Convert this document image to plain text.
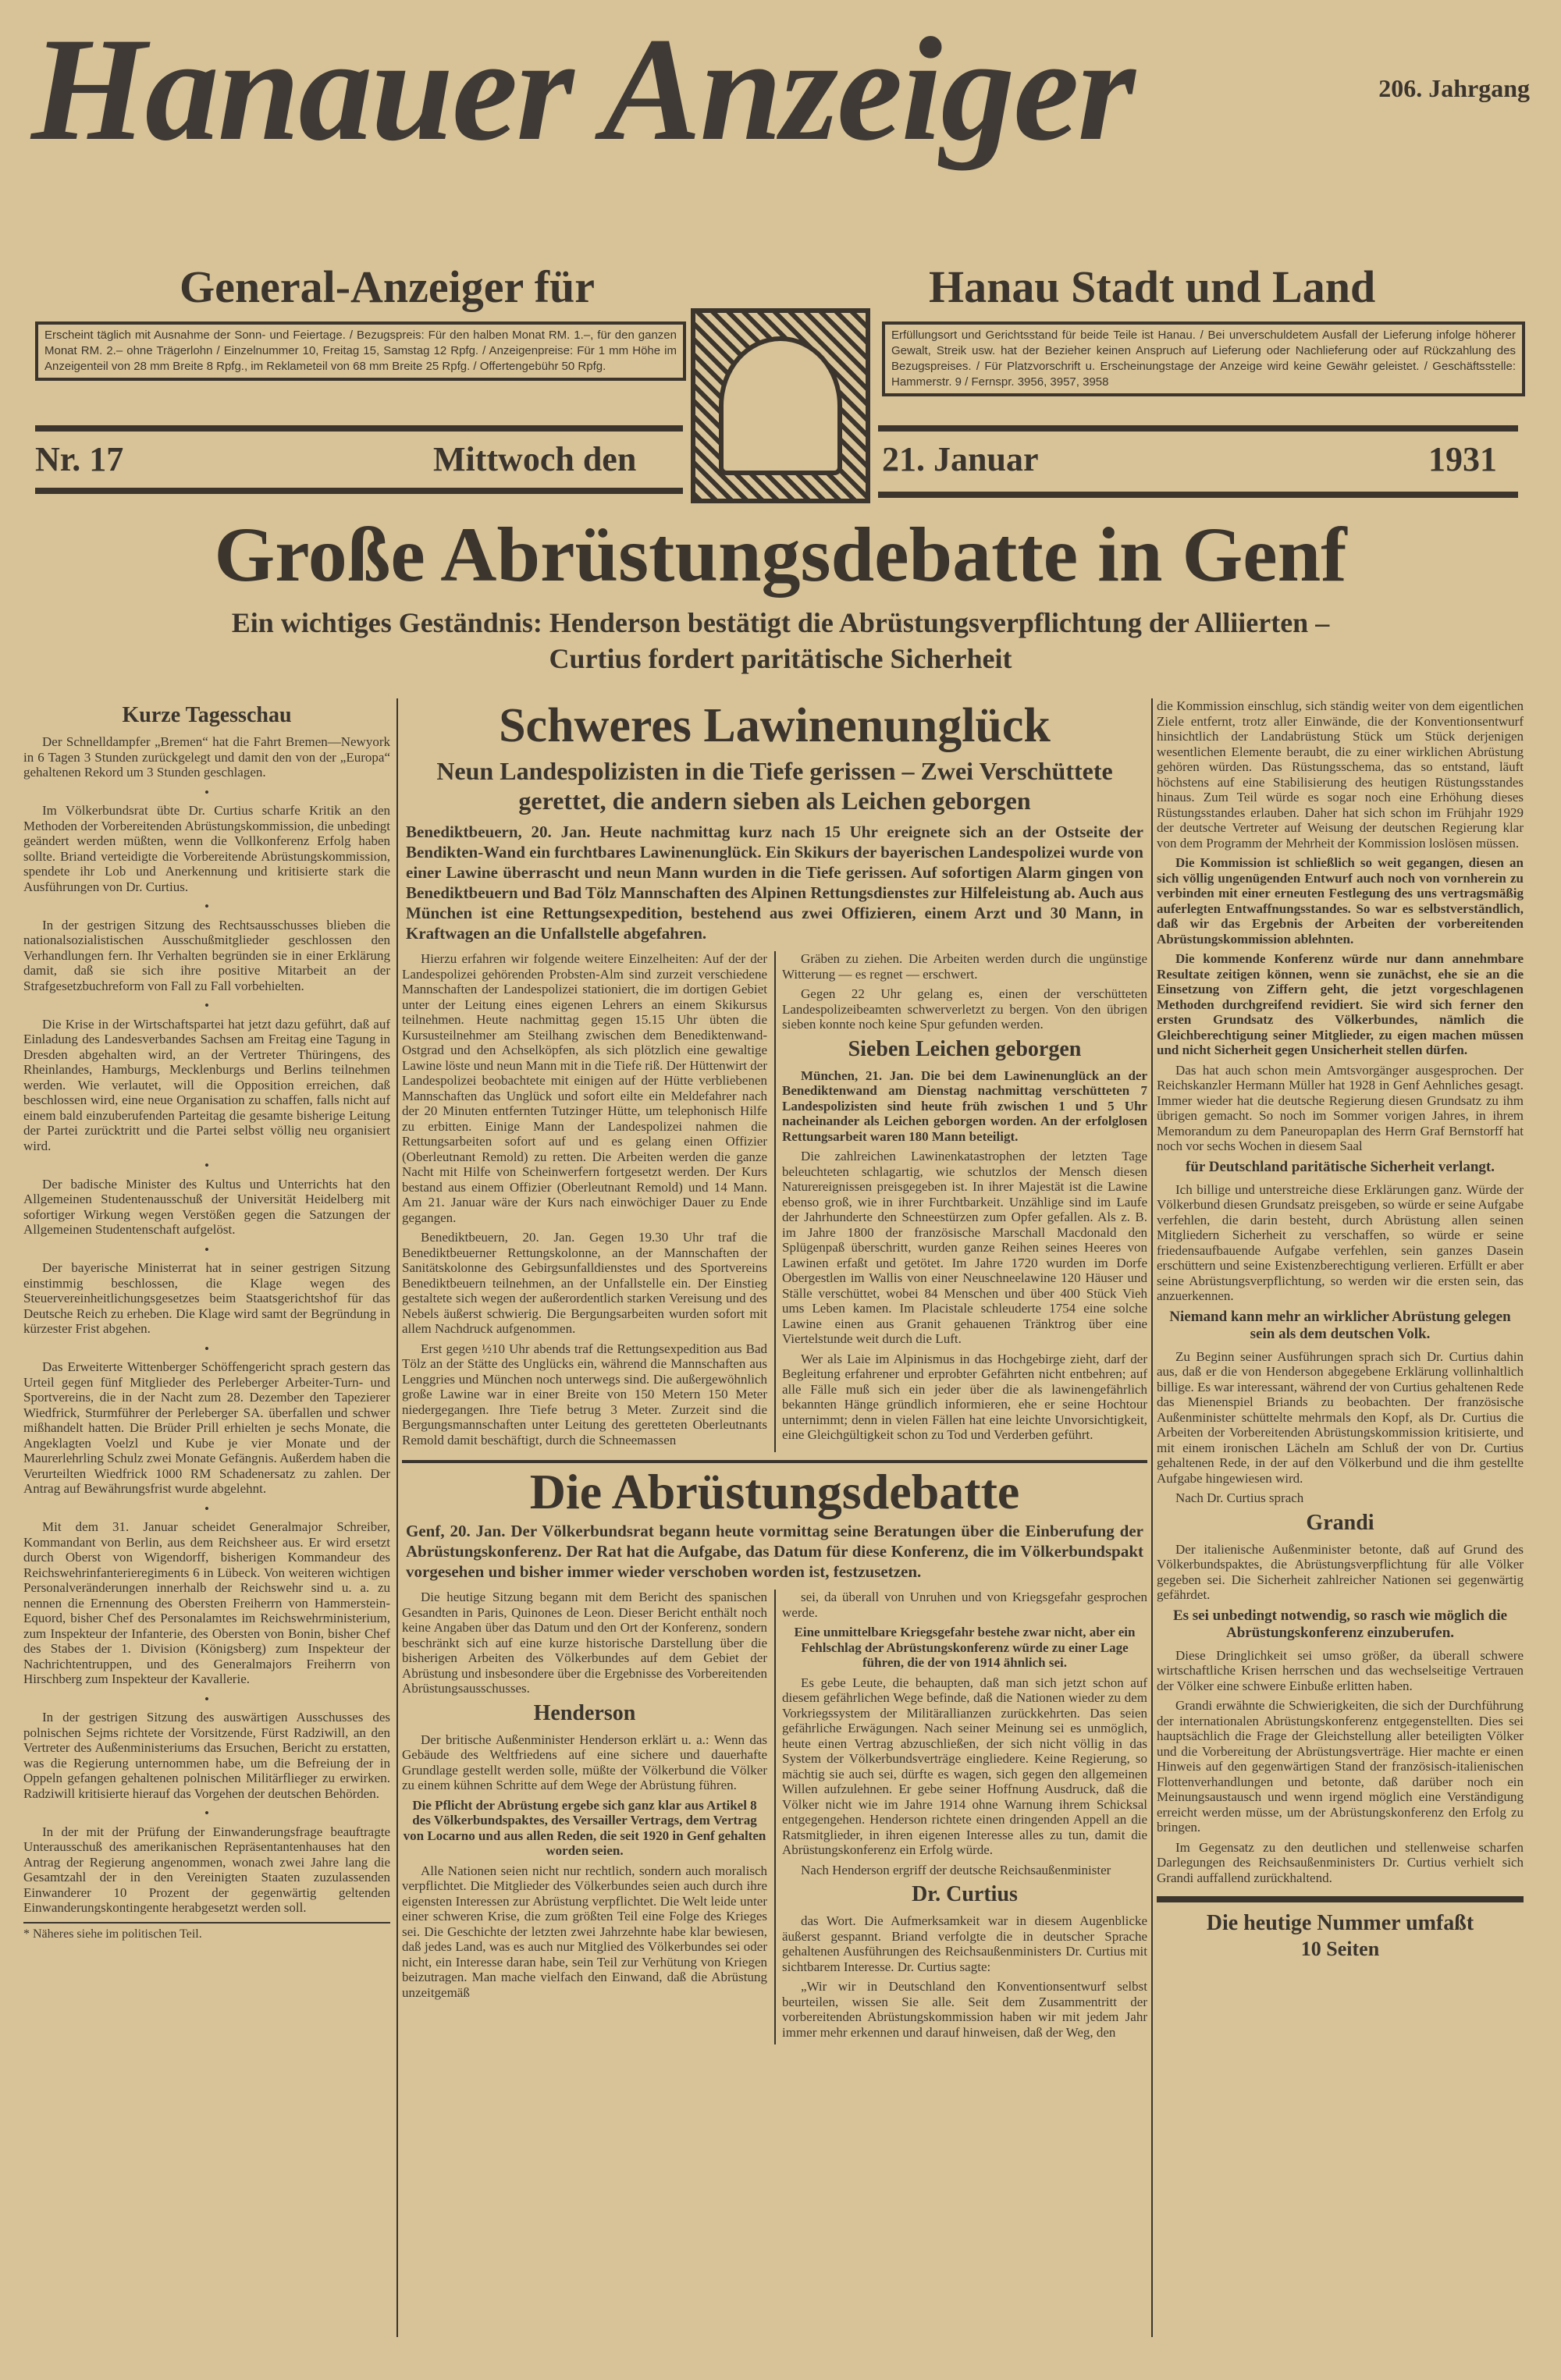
Hanauer Anzeiger	206. Jahrgang
General-Anzeiger für	Hanau Stadt und Land
Erscheint täglich mit Ausnahme der Sonn- und Feiertage. / Bezugspreis: Für den halben Monat RM. 1.–, für den ganzen Monat RM. 2.– ohne Trägerlohn / Einzelnummer 10, Freitag 15, Samstag 12 Rpfg. / Anzeigenpreise: Für 1 mm Höhe im Anzeigenteil von 28 mm Breite 8 Rpfg., im Reklameteil von 68 mm Breite 25 Rpfg. / Offertengebühr 50 Rpfg.
Erfüllungsort und Gerichtsstand für beide Teile ist Hanau. / Bei unverschuldetem Ausfall der Lieferung infolge höherer Gewalt, Streik usw. hat der Bezieher keinen Anspruch auf Lieferung oder Nachlieferung oder auf Rückzahlung des Bezugspreises. / Für Platzvorschrift u. Erscheinungstage der Anzeige wird keine Gewähr geleistet. / Geschäftsstelle: Hammerstr. 9 / Fernspr. 3956, 3957, 3958
Nr. 17	Mittwoch den	21. Januar	1931
Große Abrüstungsdebatte in Genf
Ein wichtiges Geständnis: Henderson bestätigt die Abrüstungsverpflichtung der Alliierten –
Curtius fordert paritätische Sicherheit
Kurze Tagesschau

Der Schnelldampfer „Bremen“ hat die Fahrt Bremen—Newyork in 6 Tagen 3 Stunden zurückgelegt und damit den von der „Europa“ gehaltenen Rekord um 3 Stunden geschlagen.

•

Im Völkerbundsrat übte Dr. Curtius scharfe Kritik an den Methoden der Vorbereitenden Abrüstungskommission, die unbedingt geändert werden müßten, wenn die Vollkonferenz Erfolg haben sollte. Briand verteidigte die Vorbereitende Abrüstungskommission, spendete ihr Lob und Anerkennung und kritisierte stark die Ausführungen von Dr. Curtius.

•

In der gestrigen Sitzung des Rechtsausschusses blieben die nationalsozialistischen Ausschußmitglieder geschlossen den Verhandlungen fern. Ihr Verhalten begründen sie in einer Erklärung damit, daß sie sich ihre positive Mitarbeit an der Strafgesetzbuchreform von Fall zu Fall vorbehielten.

•

Die Krise in der Wirtschaftspartei hat jetzt dazu geführt, daß auf Einladung des Landesverbandes Sachsen am Freitag eine Tagung in Dresden abgehalten wird, an der Vertreter Thüringens, des Rheinlandes, Hamburgs, Mecklenburgs und Berlins teilnehmen werden. Wie verlautet, will die Opposition erreichen, daß beschlossen wird, eine neue Organisation zu schaffen, falls nicht auf einem bald einzuberufenden Parteitag die gesamte bisherige Leitung der Partei zurücktritt und die Partei selbst völlig neu organisiert wird.

•

Der badische Minister des Kultus und Unterrichts hat den Allgemeinen Studentenausschuß der Universität Heidelberg mit sofortiger Wirkung wegen Verstößen gegen die Satzungen der Allgemeinen Studentenschaft aufgelöst.

•

Der bayerische Ministerrat hat in seiner gestrigen Sitzung einstimmig beschlossen, die Klage wegen des Steuervereinheitlichungsgesetzes beim Staatsgerichtshof für das Deutsche Reich zu erheben. Die Klage wird samt der Begründung in kürzester Frist abgehen.

•

Das Erweiterte Wittenberger Schöffengericht sprach gestern das Urteil gegen fünf Mitglieder des Perleberger Arbeiter-Turn- und Sportvereins, die in der Nacht zum 28. Dezember den Tapezierer Wiedfrick, Sturmführer der Perleberger SA. überfallen und schwer mißhandelt hatten. Die Brüder Prill erhielten je sechs Monate, die Angeklagten Voelzl und Kube je vier Monate und der Maurerlehrling Schulz zwei Monate Gefängnis. Außerdem haben die Verurteilten Wiedfrick 1000 RM Schadenersatz zu zahlen. Der Antrag auf Bewährungsfrist wurde abgelehnt.

•

Mit dem 31. Januar scheidet Generalmajor Schreiber, Kommandant von Berlin, aus dem Reichsheer aus. Er wird ersetzt durch Oberst von Wigendorff, bisherigen Kommandeur des Reichswehrinfanterieregiments 6 in Lübeck. Von weiteren wichtigen Personalveränderungen innerhalb der Reichswehr sind u. a. zu nennen die Ernennung des Obersten Freiherrn von Hammerstein-Equord, bisher Chef des Personalamtes im Reichswehrministerium, zum Inspekteur der Infanterie, des Obersten von Bonin, bisher Chef des Stabes der 1. Division (Königsberg) zum Inspekteur der Nachrichtentruppen, und des Generalmajors Freiherrn von Hirschberg zum Inspekteur der Kavallerie.

•

In der gestrigen Sitzung des auswärtigen Ausschusses des polnischen Sejms richtete der Vorsitzende, Fürst Radziwill, an den Vertreter des Außenministeriums das Ersuchen, Bericht zu erstatten, was die Regierung unternommen habe, um die Befreiung der in Oppeln gefangen gehaltenen polnischen Militärflieger zu erwirken. Radziwill kritisierte hierauf das Vorgehen der deutschen Behörden.

•

In der mit der Prüfung der Einwanderungsfrage beauftragte Unterausschuß des amerikanischen Repräsentantenhauses hat den Antrag der Regierung angenommen, wonach zwei Jahre lang die Gesamtzahl der in den Vereinigten Staaten zuzulassenden Einwanderer 10 Prozent der gegenwärtig geltenden Einwanderungskontingente herabgesetzt werden soll.

* Näheres siehe im politischen Teil.
Schweres Lawinenunglück
Neun Landespolizisten in die Tiefe gerissen – Zwei Verschüttete gerettet, die andern sieben als Leichen geborgen
Benediktbeuern, 20. Jan. Heute nachmittag kurz nach 15 Uhr ereignete sich an der Ostseite der Bendikten-Wand ein furchtbares Lawinenunglück. Ein Skikurs der bayerischen Landespolizei wurde von einer Lawine überrascht und neun Mann wurden in die Tiefe gerissen. Auf sofortigen Alarm gingen von Benediktbeuern und Bad Tölz Mannschaften des Alpinen Rettungsdienstes zur Hilfeleistung ab. Auch aus München ist eine Rettungsexpedition, bestehend aus zwei Offizieren, einem Arzt und 30 Mann, in Kraftwagen an die Unfallstelle abgefahren.

Hierzu erfahren wir folgende weitere Einzelheiten: Auf der der Landespolizei gehörenden Probsten-Alm sind zurzeit verschiedene Mannschaften der Landespolizei stationiert, die im dortigen Gebiet unter der Leitung eines eigenen Lehrers an einem Skikursus teilnehmen. Heute nachmittag gegen 15.15 Uhr übten die Kursusteilnehmer am Steilhang zwischen dem Benediktenwand-Ostgrad und den Achselköpfen, als sich plötzlich eine gewaltige Lawine löste und neun Mann mit in die Tiefe riß. Der Hüttenwirt der Landespolizei beobachtete mit einigen auf der Hütte verbliebenen Mannschaften das Unglück und sofort eilte ein Meldefahrer nach der 20 Minuten entfernten Tutzinger Hütte, um telephonisch Hilfe zu erbitten. Einige Mann der Landespolizei nahmen die Rettungsarbeiten sofort auf und es gelang einen Offizier (Oberleutnant Remold) zu retten. Die Arbeiten werden die ganze Nacht mit Hilfe von Scheinwerfern fortgesetzt werden. Der Kurs bestand aus einem Offizier (Oberleutnant Remold) und 14 Mann. Am 21. Januar wäre der Kurs nach einwöchiger Dauer zu Ende gegangen.

Benediktbeuern, 20. Jan. Gegen 19.30 Uhr traf die Benediktbeuerner Rettungskolonne, an der Mannschaften der Sanitätskolonne des Gebirgsunfalldienstes und des Sportvereins Benediktbeuern teilnehmen, an der Unfallstelle ein. Der Einstieg gestaltete sich wegen der außerordentlich starken Vereisung und des Nebels äußerst schwierig. Die Bergungsarbeiten wurden sofort mit allem Nachdruck aufgenommen.

Erst gegen ½10 Uhr abends traf die Rettungsexpedition aus Bad Tölz an der Stätte des Unglücks ein, während die Mannschaften aus Lenggries und München noch unterwegs sind. Die außergewöhnlich große Lawine war in einer Breite von 150 Metern 150 Meter niedergegangen. Ihre Tiefe betrug 3 Meter. Zurzeit sind die Bergungsmannschaften unter Leitung des geretteten Oberleutnants Remold damit beschäftigt, durch die Schneemassen

Gräben zu ziehen. Die Arbeiten werden durch die ungünstige Witterung — es regnet — erschwert.

Gegen 22 Uhr gelang es, einen der verschütteten Landespolizeibeamten schwerverletzt zu bergen. Von den übrigen sieben konnte noch keine Spur gefunden werden.

Sieben Leichen geborgen

München, 21. Jan. Die bei dem Lawinenunglück an der Benediktenwand am Dienstag nachmittag verschütteten 7 Landespolizisten sind heute früh zwischen 1 und 5 Uhr nacheinander als Leichen geborgen worden. An der erfolglosen Rettungsarbeit waren 180 Mann beteiligt.

Die zahlreichen Lawinenkatastrophen der letzten Tage beleuchteten schlagartig, wie schutzlos der Mensch diesen Naturereignissen preisgegeben ist. In ihrer Majestät ist die Lawine ebenso groß, wie in ihrer Furchtbarkeit. Unzählige sind im Laufe der Jahrhunderte den Schneestürzen zum Opfer gefallen. Als z. B. im Jahre 1800 der französische Marschall Macdonald den Splügenpaß überschritt, wurden ganze Reihen seines Heeres von Lawinen erfaßt und getötet. Im Jahre 1720 wurden im Dorfe Obergestlen im Wallis von einer Neuschneelawine 120 Häuser und Ställe verschüttet, wobei 84 Menschen und über 400 Stück Vieh ums Leben kamen. Im Placistale schleuderte 1754 eine solche Lawine einen aus Granit gehauenen Tränktrog über eine Viertelstunde weit durch die Luft.

Wer als Laie im Alpinismus in das Hochgebirge zieht, darf der Begleitung erfahrener und erprobter Gefährten nicht entbehren; auf alle Fälle muß sich ein jeder über die als lawinengefährlich bekannten Hänge gründlich informieren, ehe er seine Hochtour unternimmt; denn in vielen Fällen hat eine leichte Unvorsichtigkeit, eine Gleichgültigkeit schon zu Tod und Verderben geführt.

Die Abrüstungsdebatte
Genf, 20. Jan. Der Völkerbundsrat begann heute vormittag seine Beratungen über die Einberufung der Abrüstungskonferenz. Der Rat hat die Aufgabe, das Datum für diese Konferenz, die im Völkerbundspakt vorgesehen und bisher immer wieder verschoben worden ist, festzusetzen.

Die heutige Sitzung begann mit dem Bericht des spanischen Gesandten in Paris, Quinones de Leon. Dieser Bericht enthält noch keine Angaben über das Datum und den Ort der Konferenz, sondern beschränkt sich auf eine kurze historische Darstellung über die bisherigen Arbeiten des Völkerbundes auf dem Gebiet der Abrüstung und insbesondere über die Ergebnisse des Vorbereitenden Abrüstungsausschusses.

Henderson

Der britische Außenminister Henderson erklärt u. a.: Wenn das Gebäude des Weltfriedens auf eine sichere und dauerhafte Grundlage gestellt werden solle, müßte der Völkerbund die Völker zu einem kühnen Schritte auf dem Wege der Abrüstung führen.

Die Pflicht der Abrüstung ergebe sich ganz klar aus Artikel 8 des Völkerbundspaktes, des Versailler Vertrags, dem Vertrag von Locarno und aus allen Reden, die seit 1920 in Genf gehalten worden seien.

Alle Nationen seien nicht nur rechtlich, sondern auch moralisch verpflichtet. Die Mitglieder des Völkerbundes seien auch durch ihre eigensten Interessen zur Abrüstung verpflichtet. Die Welt leide unter einer schweren Krise, die zum größten Teil eine Folge des Krieges sei. Die Geschichte der letzten zwei Jahrzehnte habe klar bewiesen, daß jedes Land, was es auch nur Mitglied des Völkerbundes sei oder nicht, ein Interesse daran habe, sein Teil zur Verhütung von Kriegen beizutragen. Man mache vielfach den Einwand, daß die Abrüstung unzeitgemäß

sei, da überall von Unruhen und von Kriegsgefahr gesprochen werde.

Eine unmittelbare Kriegsgefahr bestehe zwar nicht, aber ein Fehlschlag der Abrüstungskonferenz würde zu einer Lage führen, die der von 1914 ähnlich sei.

Es gebe Leute, die behaupten, daß man sich jetzt schon auf diesem gefährlichen Wege befinde, daß die Nationen wieder zu dem Vorkriegssystem der Militärallianzen zurückkehrten. Das seien gefährliche Erwägungen. Nach seiner Meinung sei es unmöglich, heute einen Vertrag abzuschließen, der sich nicht völlig in das System der Völkerbundsverträge eingliedere. Keine Regierung, so mächtig sie auch sei, dürfte es wagen, sich gegen den allgemeinen Willen aufzulehnen. Er gebe seiner Hoffnung Ausdruck, daß die Völker nicht wie im Jahre 1914 ohne Warnung ihrem Schicksal entgegengehen. Henderson richtete einen dringenden Appell an die Ratsmitglieder, in ihren eigenen Interesse alles zu tun, damit die Abrüstungskonferenz ein Erfolg würde.

Nach Henderson ergriff der deutsche Reichsaußenminister

Dr. Curtius

das Wort. Die Aufmerksamkeit war in diesem Augenblicke äußerst gespannt. Briand verfolgte die in deutscher Sprache gehaltenen Ausführungen des Reichsaußenministers Dr. Curtius mit sichtbarem Interesse. Dr. Curtius sagte:

„Wir wir in Deutschland den Konventionsentwurf selbst beurteilen, wissen Sie alle. Seit dem Zusammentritt der vorbereitenden Abrüstungskommission haben wir mit jedem Jahr immer mehr erkennen und darauf hinweisen, daß der Weg, den

die Kommission einschlug, sich ständig weiter von dem eigentlichen Ziele entfernt, trotz aller Einwände, die der Konventionsentwurf hinsichtlich der Landabrüstung Stück um Stück derjenigen wesentlichen Elemente beraubt, die zu einer wirklichen Abrüstung gehören würden. Das Rüstungsschema, das so entstand, läuft höchstens auf eine Stabilisierung des heutigen Rüstungsstandes hinaus. Zum Teil würde es sogar noch eine Erhöhung dieses Rüstungsstandes erlauben. Daher hat sich schon im Frühjahr 1929 der deutsche Vertreter auf Weisung der deutschen Regierung klar von dem Programm der Mehrheit der Kommission loslösen müssen.

Die Kommission ist schließlich so weit gegangen, diesen an sich völlig ungenügenden Entwurf auch noch von vornherein zu verbinden mit einer erneuten Festlegung des uns vertragsmäßig auferlegten Entwaffnungsstandes. So war es selbstverständlich, daß wir das Ergebnis der Arbeiten der vorbereitenden Abrüstungskommission ablehnten.

Die kommende Konferenz würde nur dann annehmbare Resultate zeitigen können, wenn sie zunächst, ehe sie an die Einsetzung von Ziffern geht, die jetzt vorgeschlagenen Methoden durchgreifend revidiert. Sie wird sich ferner den ersten Grundsatz des Völkerbundes, nämlich die Gleichberechtigung seiner Mitglieder, zu eigen machen müssen und nicht Sicherheit gegen Unsicherheit stellen dürfen.

Das hat auch schon mein Amtsvorgänger ausgesprochen. Der Reichskanzler Hermann Müller hat 1928 in Genf Aehnliches gesagt. Immer wieder hat die deutsche Regierung diesen Grundsatz zu ihm übrigen gemacht. So noch im Sommer vorigen Jahres, in ihrem Memorandum zu dem Paneuropaplan des Herrn Graf Bernstorff hat noch vor sechs Wochen in diesem Saal

für Deutschland paritätische Sicherheit verlangt.

Ich billige und unterstreiche diese Erklärungen ganz. Würde der Völkerbund diesen Grundsatz preisgeben, so würde er seine Aufgabe verfehlen, die darin besteht, durch Abrüstung allen seinen Mitgliedern Sicherheit zu verschaffen, so würde er seine friedensaufbauende Aufgabe verfehlen, sein ganzes Dasein erschüttern und seine Existenzberechtigung verlieren. Erfüllt er aber seine Abrüstungsverpflichtung, so werden wir die ersten sein, das anzuerkennen.

Niemand kann mehr an wirklicher Abrüstung gelegen sein als dem deutschen Volk.

Zu Beginn seiner Ausführungen sprach sich Dr. Curtius dahin aus, daß er die von Henderson abgegebene Erklärung vollinhaltlich billige. Es war interessant, während der von Curtius gehaltenen Rede das Mienenspiel Briands zu beobachten. Der französische Außenminister schüttelte mehrmals den Kopf, als Dr. Curtius die Arbeiten der Vorbereitenden Abrüstungskommission kritisierte, und mit einem ironischen Lächeln am Schluß der von Dr. Curtius gehaltenen Rede, in der auf den Völkerbund und die ihm gestellte Aufgabe hingewiesen wird.

Nach Dr. Curtius sprach

Grandi

Der italienische Außenminister betonte, daß auf Grund des Völkerbundspaktes, die Abrüstungsverpflichtung für alle Völker gegeben sei. Die Sicherheit zahlreicher Nationen sei gegenwärtig gefährdet.

Es sei unbedingt notwendig, so rasch wie möglich die Abrüstungskonferenz einzuberufen.

Diese Dringlichkeit sei umso größer, da überall schwere wirtschaftliche Krisen herrschen und das wechselseitige Vertrauen der Völker eine schwere Einbuße erlitten haben.

Grandi erwähnte die Schwierigkeiten, die sich der Durchführung der internationalen Abrüstungskonferenz entgegenstellten. Dies sei hauptsächlich die Frage der Gleichstellung aller beteiligten Völker und die Vorbereitung der Abrüstungsverträge. Hier machte er einen Hinweis auf den gegenwärtigen Stand der französisch-italienischen Flottenverhandlungen und betonte, daß darüber noch ein Meinungsaustausch und wenn irgend möglich eine Verständigung erreicht werden müsse, um der Abrüstungskonferenz den Erfolg zu bringen.

Im Gegensatz zu den deutlichen und stellenweise scharfen Darlegungen des Reichsaußenministers Dr. Curtius verhielt sich Grandi auffallend zurückhaltend.

Die heutige Nummer umfaßt
10 Seiten
